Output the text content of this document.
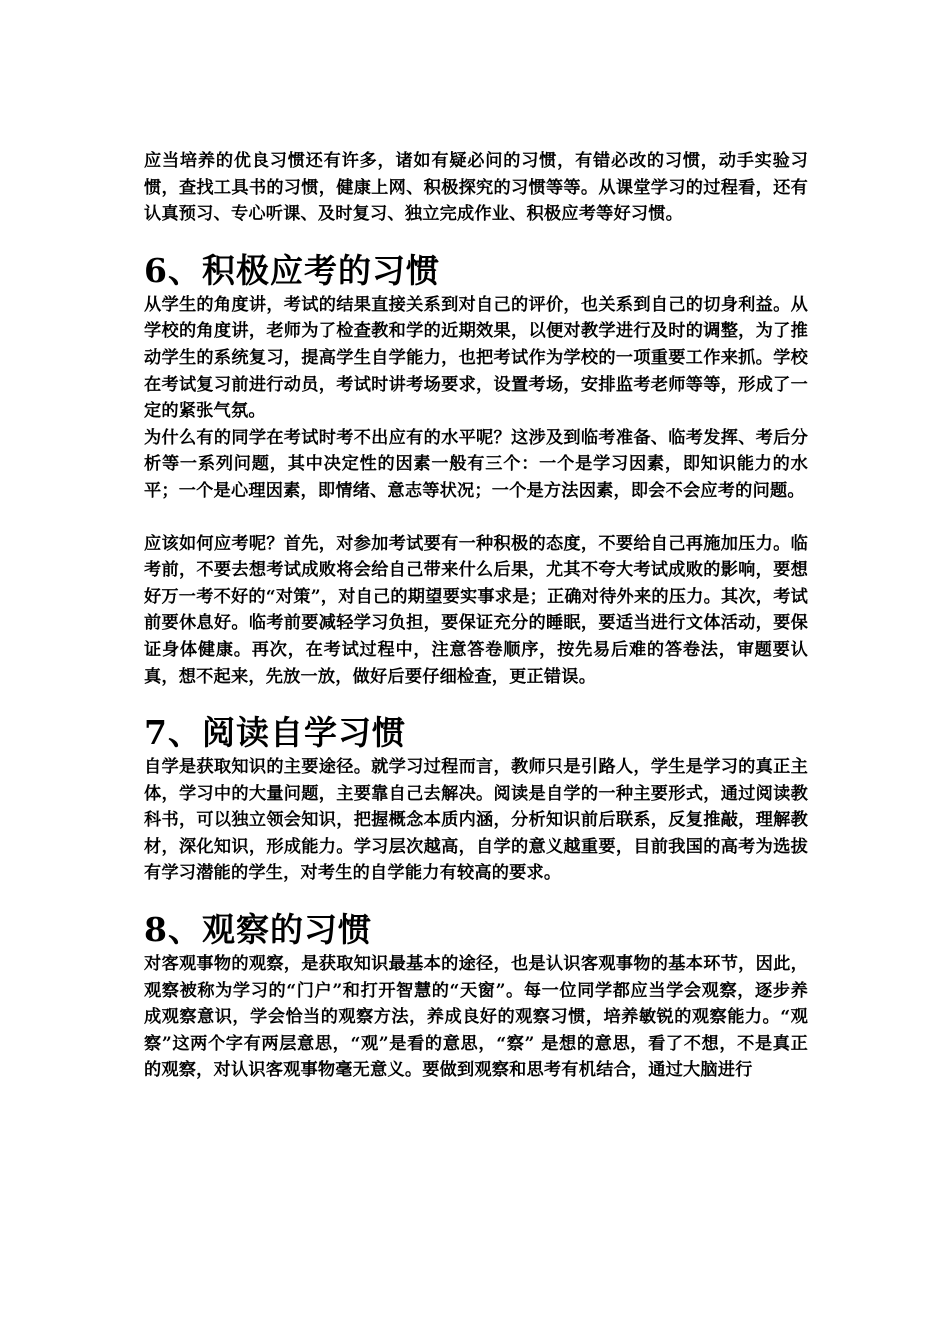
应当培养的优良习惯还有许多，诸如有疑必问的习惯，有错必改的习惯，动手实验习惯，查找工具书的习惯，健康上网、积极探究的习惯等等。从课堂学习的过程看，还有认真预习、专心听课、及时复习、独立完成作业、积极应考等好习惯。

6、积极应考的习惯

从学生的角度讲，考试的结果直接关系到对自己的评价，也关系到自己的切身利益。从学校的角度讲，老师为了检查教和学的近期效果，以便对教学进行及时的调整，为了推动学生的系统复习，提高学生自学能力，也把考试作为学校的一项重要工作来抓。学校在考试复习前进行动员，考试时讲考场要求，设置考场，安排监考老师等等，形成了一定的紧张气氛。

为什么有的同学在考试时考不出应有的水平呢？这涉及到临考准备、临考发挥、考后分析等一系列问题，其中决定性的因素一般有三个：一个是学习因素，即知识能力的水平；一个是心理因素，即情绪、意志等状况；一个是方法因素，即会不会应考的问题。

应该如何应考呢？首先，对参加考试要有一种积极的态度，不要给自己再施加压力。临考前，不要去想考试成败将会给自己带来什么后果，尤其不夸大考试成败的影响，要想好万一考不好的“对策”，对自己的期望要实事求是；正确对待外来的压力。其次，考试前要休息好。临考前要减轻学习负担，要保证充分的睡眠，要适当进行文体活动，要保证身体健康。再次，在考试过程中，注意答卷顺序，按先易后难的答卷法，审题要认真，想不起来，先放一放，做好后要仔细检查，更正错误。

7、阅读自学习惯

自学是获取知识的主要途径。就学习过程而言，教师只是引路人，学生是学习的真正主体，学习中的大量问题，主要靠自己去解决。阅读是自学的一种主要形式，通过阅读教科书，可以独立领会知识，把握概念本质内涵，分析知识前后联系，反复推敲，理解教材，深化知识，形成能力。学习层次越高，自学的意义越重要，目前我国的高考为选拔有学习潜能的学生，对考生的自学能力有较高的要求。

8、观察的习惯

对客观事物的观察，是获取知识最基本的途径，也是认识客观事物的基本环节，因此，观察被称为学习的“门户”和打开智慧的“天窗”。每一位同学都应当学会观察，逐步养成观察意识，学会恰当的观察方法，养成良好的观察习惯，培养敏锐的观察能力。“观察”这两个字有两层意思，“观”是看的意思，“察” 是想的意思，看了不想，不是真正的观察，对认识客观事物毫无意义。要做到观察和思考有机结合，通过大脑进行
